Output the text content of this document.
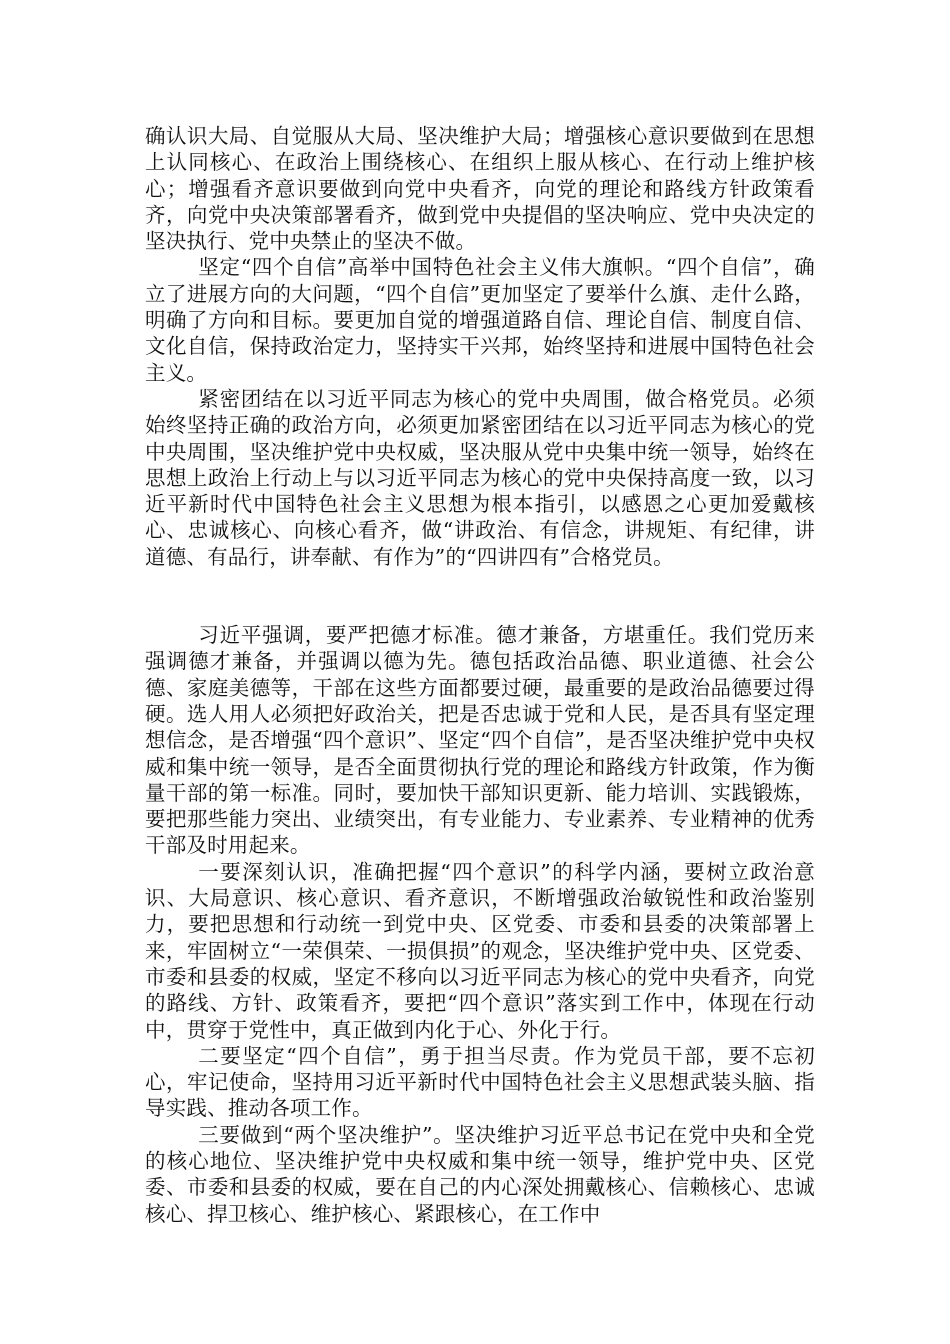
确认识大局、自觉服从大局、坚决维护大局；增强核心意识要做到在思想上认同核心、在政治上围绕核心、在组织上服从核心、在行动上维护核心；增强看齐意识要做到向党中央看齐，向党的理论和路线方针政策看齐，向党中央决策部署看齐，做到党中央提倡的坚决响应、党中央决定的坚决执行、党中央禁止的坚决不做。

坚定“四个自信”高举中国特色社会主义伟大旗帜。“四个自信”，确立了进展方向的大问题，“四个自信”更加坚定了要举什么旗、走什么路，明确了方向和目标。要更加自觉的增强道路自信、理论自信、制度自信、文化自信，保持政治定力，坚持实干兴邦，始终坚持和进展中国特色社会主义。

紧密团结在以习近平同志为核心的党中央周围，做合格党员。必须始终坚持正确的政治方向，必须更加紧密团结在以习近平同志为核心的党中央周围，坚决维护党中央权威，坚决服从党中央集中统一领导，始终在思想上政治上行动上与以习近平同志为核心的党中央保持高度一致，以习近平新时代中国特色社会主义思想为根本指引，以感恩之心更加爱戴核心、忠诚核心、向核心看齐，做“讲政治、有信念，讲规矩、有纪律，讲道德、有品行，讲奉献、有作为”的“四讲四有”合格党员。

习近平强调，要严把德才标准。德才兼备，方堪重任。我们党历来强调德才兼备，并强调以德为先。德包括政治品德、职业道德、社会公德、家庭美德等，干部在这些方面都要过硬，最重要的是政治品德要过得硬。选人用人必须把好政治关，把是否忠诚于党和人民，是否具有坚定理想信念，是否增强“四个意识”、坚定“四个自信”，是否坚决维护党中央权威和集中统一领导，是否全面贯彻执行党的理论和路线方针政策，作为衡量干部的第一标准。同时，要加快干部知识更新、能力培训、实践锻炼，要把那些能力突出、业绩突出，有专业能力、专业素养、专业精神的优秀干部及时用起来。

一要深刻认识，准确把握“四个意识”的科学内涵，要树立政治意识、大局意识、核心意识、看齐意识，不断增强政治敏锐性和政治鉴别力，要把思想和行动统一到党中央、区党委、市委和县委的决策部署上来，牢固树立“一荣俱荣、一损俱损”的观念，坚决维护党中央、区党委、市委和县委的权威，坚定不移向以习近平同志为核心的党中央看齐，向党的路线、方针、政策看齐，要把“四个意识”落实到工作中，体现在行动中，贯穿于党性中，真正做到内化于心、外化于行。

二要坚定“四个自信”，勇于担当尽责。作为党员干部，要不忘初心，牢记使命，坚持用习近平新时代中国特色社会主义思想武装头脑、指导实践、推动各项工作。

三要做到“两个坚决维护”。坚决维护习近平总书记在党中央和全党的核心地位、坚决维护党中央权威和集中统一领导，维护党中央、区党委、市委和县委的权威，要在自己的内心深处拥戴核心、信赖核心、忠诚核心、捍卫核心、维护核心、紧跟核心，在工作中
